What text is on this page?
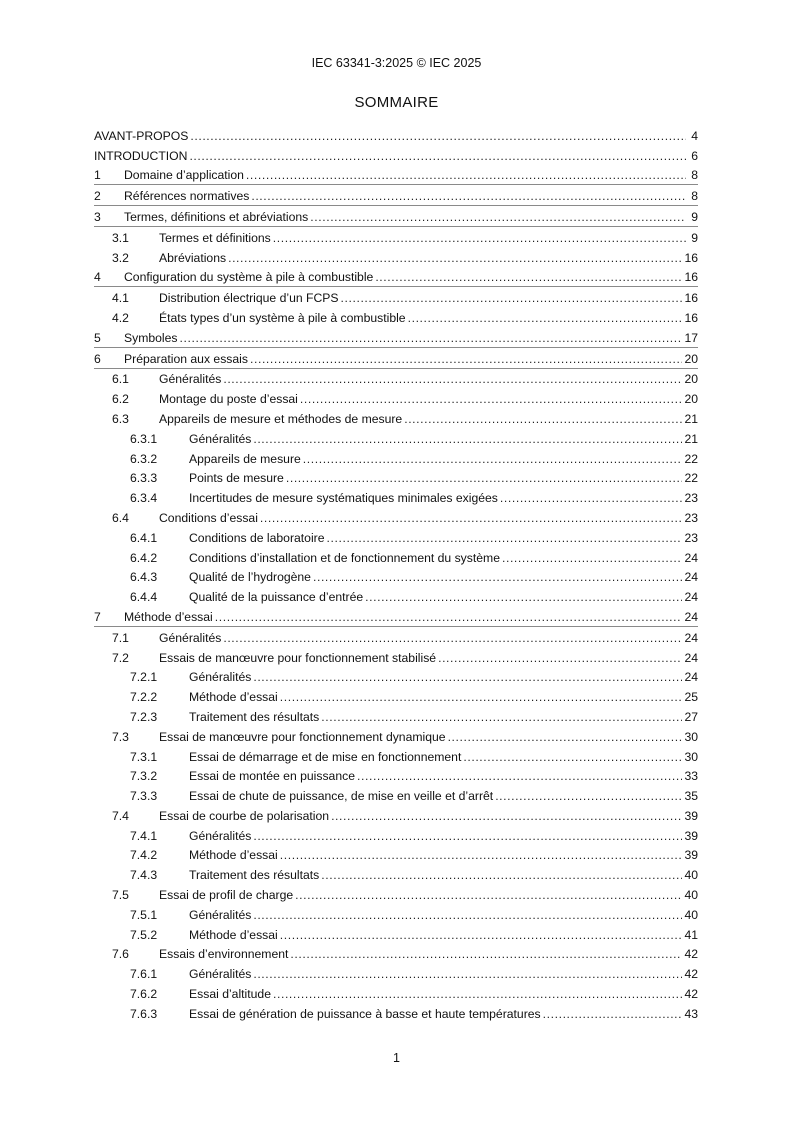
IEC 63341-3:2025 © IEC 2025
SOMMAIRE
AVANT-PROPOS .....	4
INTRODUCTION .....	6
1	Domaine d’application .....	8
2	Références normatives .....	8
3	Termes, définitions et abréviations .....	9
3.1	Termes et définitions .....	9
3.2	Abréviations .....	16
4	Configuration du système à pile à combustible .....	16
4.1	Distribution électrique d’un FCPS .....	16
4.2	États types d’un système à pile à combustible .....	16
5	Symboles .....	17
6	Préparation aux essais .....	20
6.1	Généralités .....	20
6.2	Montage du poste d’essai .....	20
6.3	Appareils de mesure et méthodes de mesure .....	21
6.3.1	Généralités .....	21
6.3.2	Appareils de mesure .....	22
6.3.3	Points de mesure .....	22
6.3.4	Incertitudes de mesure systématiques minimales exigées .....	23
6.4	Conditions d’essai .....	23
6.4.1	Conditions de laboratoire .....	23
6.4.2	Conditions d’installation et de fonctionnement du système .....	24
6.4.3	Qualité de l’hydrogène .....	24
6.4.4	Qualité de la puissance d’entrée .....	24
7	Méthode d’essai .....	24
7.1	Généralités .....	24
7.2	Essais de manœuvre pour fonctionnement stabilisé .....	24
7.2.1	Généralités .....	24
7.2.2	Méthode d’essai .....	25
7.2.3	Traitement des résultats .....	27
7.3	Essai de manœuvre pour fonctionnement dynamique .....	30
7.3.1	Essai de démarrage et de mise en fonctionnement .....	30
7.3.2	Essai de montée en puissance .....	33
7.3.3	Essai de chute de puissance, de mise en veille et d’arrêt .....	35
7.4	Essai de courbe de polarisation .....	39
7.4.1	Généralités .....	39
7.4.2	Méthode d’essai .....	39
7.4.3	Traitement des résultats .....	40
7.5	Essai de profil de charge .....	40
7.5.1	Généralités .....	40
7.5.2	Méthode d’essai .....	41
7.6	Essais d’environnement .....	42
7.6.1	Généralités .....	42
7.6.2	Essai d’altitude .....	42
7.6.3	Essai de génération de puissance à basse et haute températures .....	43
1
